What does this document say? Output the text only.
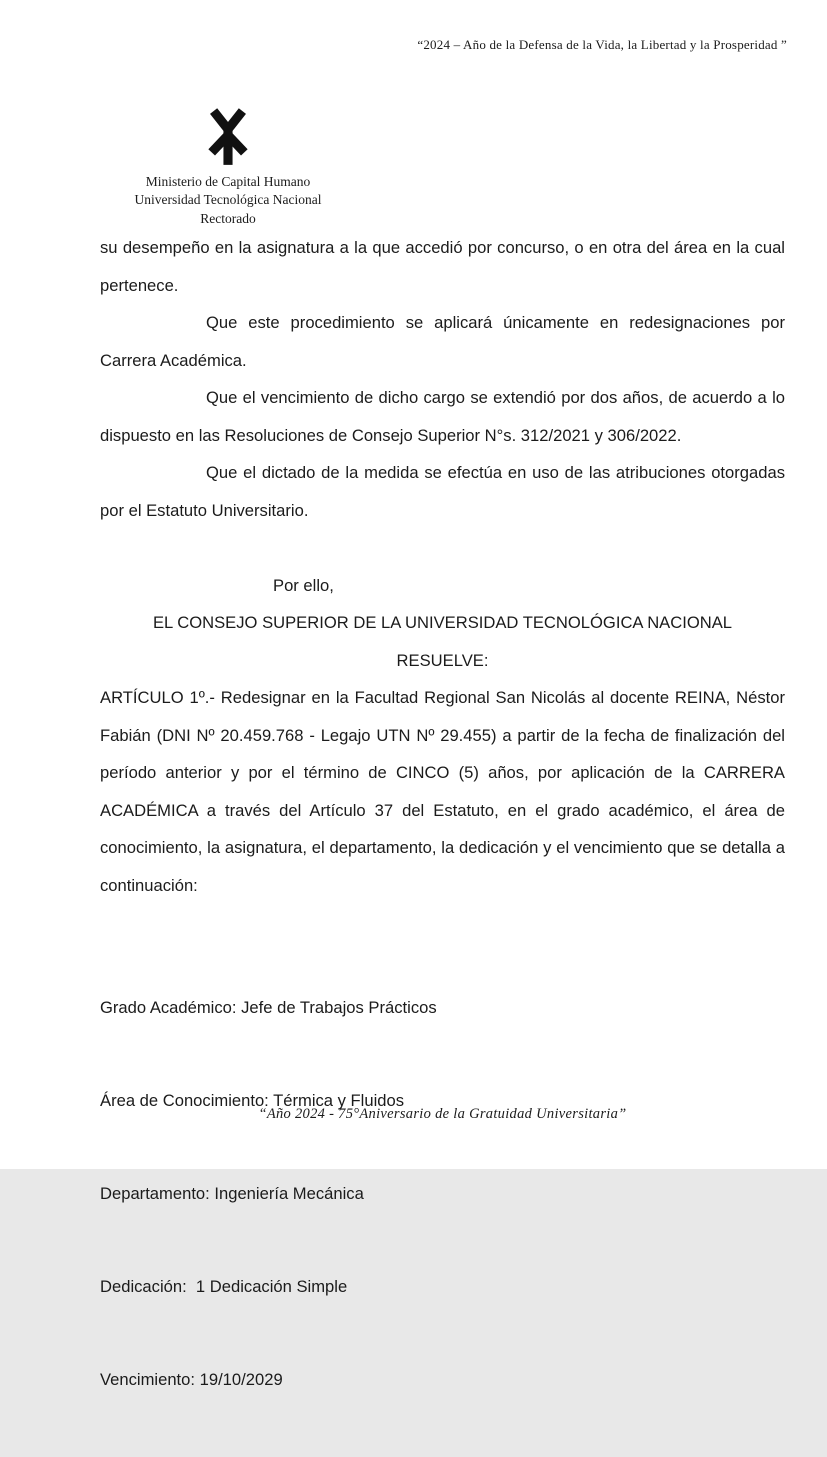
“2024 – Año de la Defensa de la Vida, la Libertad y la Prosperidad ”
Ministerio de Capital Humano
Universidad Tecnológica Nacional
Rectorado

su desempeño en la asignatura a la que accedió por concurso, o en otra del área en la cual pertenece.

Que este procedimiento se aplicará únicamente en redesignaciones por Carrera Académica.

Que el vencimiento de dicho cargo se extendió por dos años, de acuerdo a lo dispuesto en las Resoluciones de Consejo Superior N°s. 312/2021 y 306/2022.

Que el dictado de la medida se efectúa en uso de las atribuciones otorgadas por el Estatuto Universitario.

Por ello,

EL CONSEJO SUPERIOR DE LA UNIVERSIDAD TECNOLÓGICA NACIONAL

RESUELVE:

ARTÍCULO 1º.- Redesignar en la Facultad Regional San Nicolás al docente REINA, Néstor Fabián (DNI Nº 20.459.768 - Legajo UTN Nº 29.455) a partir de la fecha de finalización del período anterior y por el término de CINCO (5) años, por aplicación de la CARRERA ACADÉMICA a través del Artículo 37 del Estatuto, en el grado académico, el área de conocimiento, la asignatura, el departamento, la dedicación y el vencimiento que se detalla a continuación:

Grado Académico: Jefe de Trabajos Prácticos

Área de Conocimiento: Térmica y Fluidos

Departamento: Ingeniería Mecánica

Dedicación:  1 Dedicación Simple

Vencimiento: 19/10/2029

“Año 2024 - 75°Aniversario de la Gratuidad Universitaria”
